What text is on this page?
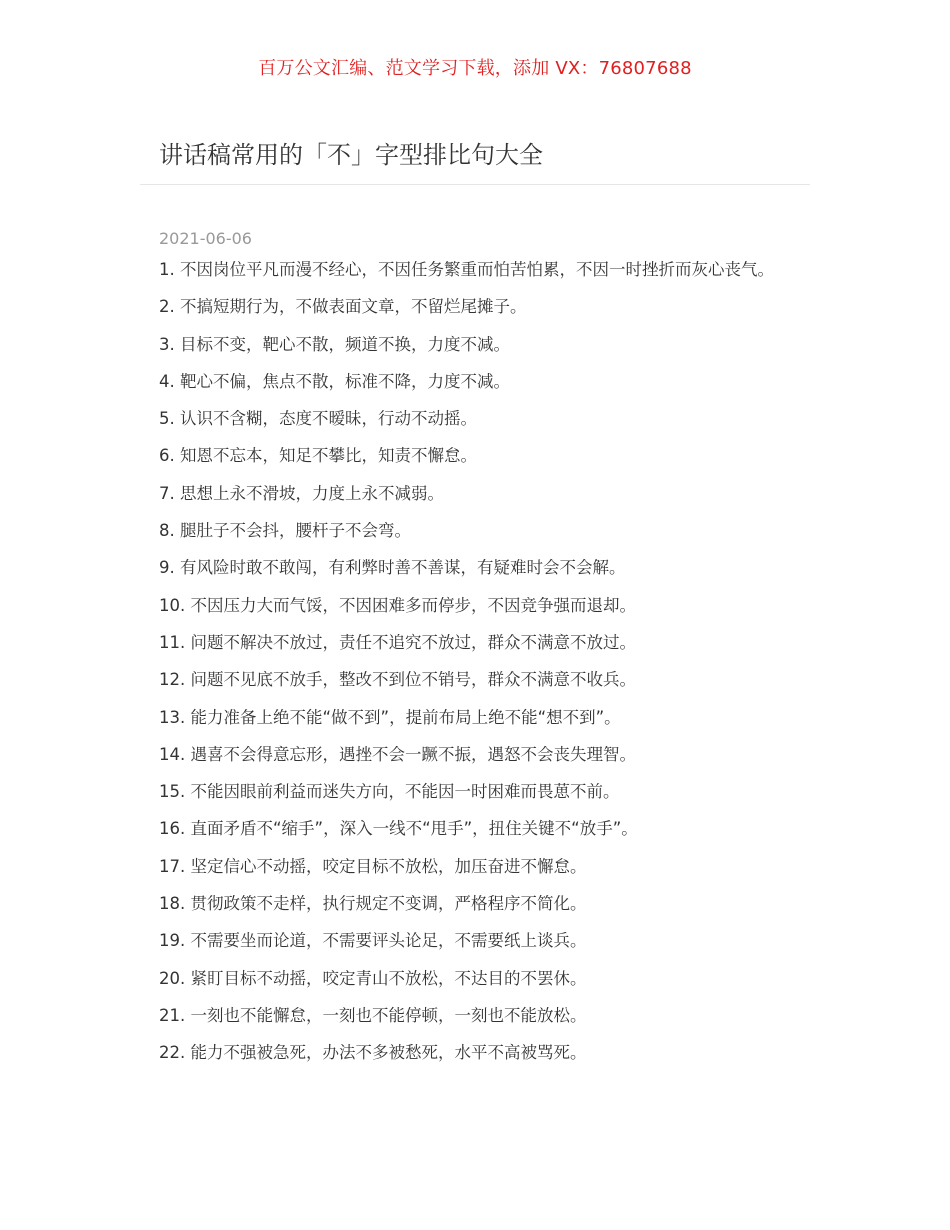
百万公文汇编、范文学习下载，添加 VX：76807688
讲话稿常用的「不」字型排比句大全
2021-06-06
1. 不因岗位平凡而漫不经心，不因任务繁重而怕苦怕累，不因一时挫折而灰心丧气。
2. 不搞短期行为，不做表面文章，不留烂尾摊子。
3. 目标不变，靶心不散，频道不换，力度不减。
4. 靶心不偏，焦点不散，标准不降，力度不减。
5. 认识不含糊，态度不暧昧，行动不动摇。
6. 知恩不忘本，知足不攀比，知责不懈怠。
7. 思想上永不滑坡，力度上永不减弱。
8. 腿肚子不会抖，腰杆子不会弯。
9. 有风险时敢不敢闯，有利弊时善不善谋，有疑难时会不会解。
10. 不因压力大而气馁，不因困难多而停步，不因竞争强而退却。
11. 问题不解决不放过，责任不追究不放过，群众不满意不放过。
12. 问题不见底不放手，整改不到位不销号，群众不满意不收兵。
13. 能力准备上绝不能“做不到”，提前布局上绝不能“想不到”。
14. 遇喜不会得意忘形，遇挫不会一蹶不振，遇怒不会丧失理智。
15. 不能因眼前利益而迷失方向，不能因一时困难而畏葸不前。
16. 直面矛盾不“缩手”，深入一线不“甩手”，扭住关键不“放手”。
17. 坚定信心不动摇，咬定目标不放松，加压奋进不懈怠。
18. 贯彻政策不走样，执行规定不变调，严格程序不简化。
19. 不需要坐而论道，不需要评头论足，不需要纸上谈兵。
20. 紧盯目标不动摇，咬定青山不放松，不达目的不罢休。
21. 一刻也不能懈怠，一刻也不能停顿，一刻也不能放松。
22. 能力不强被急死，办法不多被愁死，水平不高被骂死。
